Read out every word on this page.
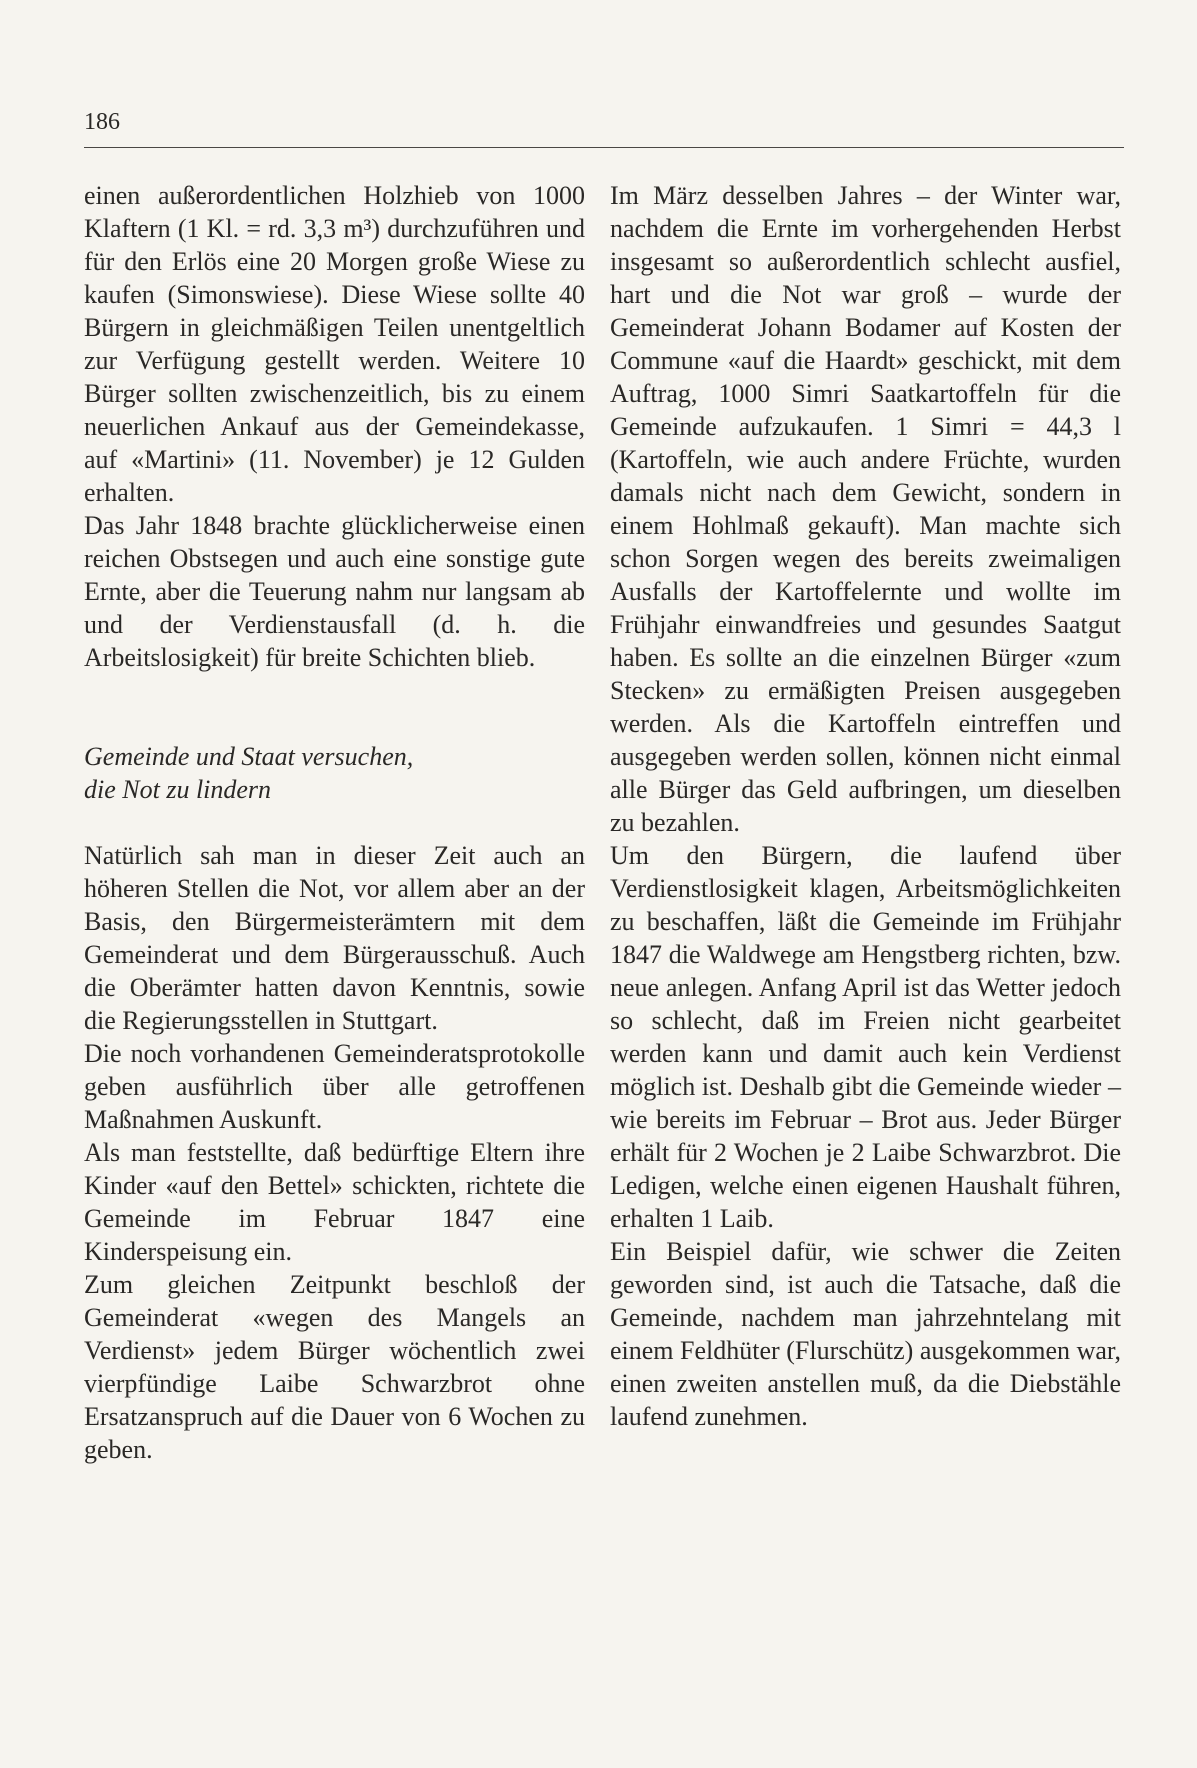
186

einen außerordentlichen Holzhieb von 1000 Klaftern (1 Kl. = rd. 3,3 m³) durchzuführen und für den Erlös eine 20 Morgen große Wiese zu kaufen (Simonswiese). Diese Wiese sollte 40 Bürgern in gleichmäßigen Teilen unentgeltlich zur Verfügung gestellt werden. Weitere 10 Bürger sollten zwischenzeitlich, bis zu einem neuerlichen Ankauf aus der Gemeindekasse, auf «Martini» (11. November) je 12 Gulden erhalten.

Das Jahr 1848 brachte glücklicherweise einen reichen Obstsegen und auch eine sonstige gute Ernte, aber die Teuerung nahm nur langsam ab und der Verdienstausfall (d. h. die Arbeitslosigkeit) für breite Schichten blieb.

Gemeinde und Staat versuchen,
die Not zu lindern

Natürlich sah man in dieser Zeit auch an höheren Stellen die Not, vor allem aber an der Basis, den Bürgermeisterämtern mit dem Gemeinderat und dem Bürgerausschuß. Auch die Oberämter hatten davon Kenntnis, sowie die Regierungsstellen in Stuttgart.

Die noch vorhandenen Gemeinderatsprotokolle geben ausführlich über alle getroffenen Maßnahmen Auskunft.

Als man feststellte, daß bedürftige Eltern ihre Kinder «auf den Bettel» schickten, richtete die Gemeinde im Februar 1847 eine Kinderspeisung ein.

Zum gleichen Zeitpunkt beschloß der Gemeinderat «wegen des Mangels an Verdienst» jedem Bürger wöchentlich zwei vierpfündige Laibe Schwarzbrot ohne Ersatzanspruch auf die Dauer von 6 Wochen zu geben.

Im März desselben Jahres – der Winter war, nachdem die Ernte im vorhergehenden Herbst insgesamt so außerordentlich schlecht ausfiel, hart und die Not war groß – wurde der Gemeinderat Johann Bodamer auf Kosten der Commune «auf die Haardt» geschickt, mit dem Auftrag, 1000 Simri Saatkartoffeln für die Gemeinde aufzukaufen. 1 Simri = 44,3 l (Kartoffeln, wie auch andere Früchte, wurden damals nicht nach dem Gewicht, sondern in einem Hohlmaß gekauft). Man machte sich schon Sorgen wegen des bereits zweimaligen Ausfalls der Kartoffelernte und wollte im Frühjahr einwandfreies und gesundes Saatgut haben. Es sollte an die einzelnen Bürger «zum Stecken» zu ermäßigten Preisen ausgegeben werden. Als die Kartoffeln eintreffen und ausgegeben werden sollen, können nicht einmal alle Bürger das Geld aufbringen, um dieselben zu bezahlen.

Um den Bürgern, die laufend über Verdienstlosigkeit klagen, Arbeitsmöglichkeiten zu beschaffen, läßt die Gemeinde im Frühjahr 1847 die Waldwege am Hengstberg richten, bzw. neue anlegen. Anfang April ist das Wetter jedoch so schlecht, daß im Freien nicht gearbeitet werden kann und damit auch kein Verdienst möglich ist. Deshalb gibt die Gemeinde wieder – wie bereits im Februar – Brot aus. Jeder Bürger erhält für 2 Wochen je 2 Laibe Schwarzbrot. Die Ledigen, welche einen eigenen Haushalt führen, erhalten 1 Laib.

Ein Beispiel dafür, wie schwer die Zeiten geworden sind, ist auch die Tatsache, daß die Gemeinde, nachdem man jahrzehntelang mit einem Feldhüter (Flurschütz) ausgekommen war, einen zweiten anstellen muß, da die Diebstähle laufend zunehmen.
